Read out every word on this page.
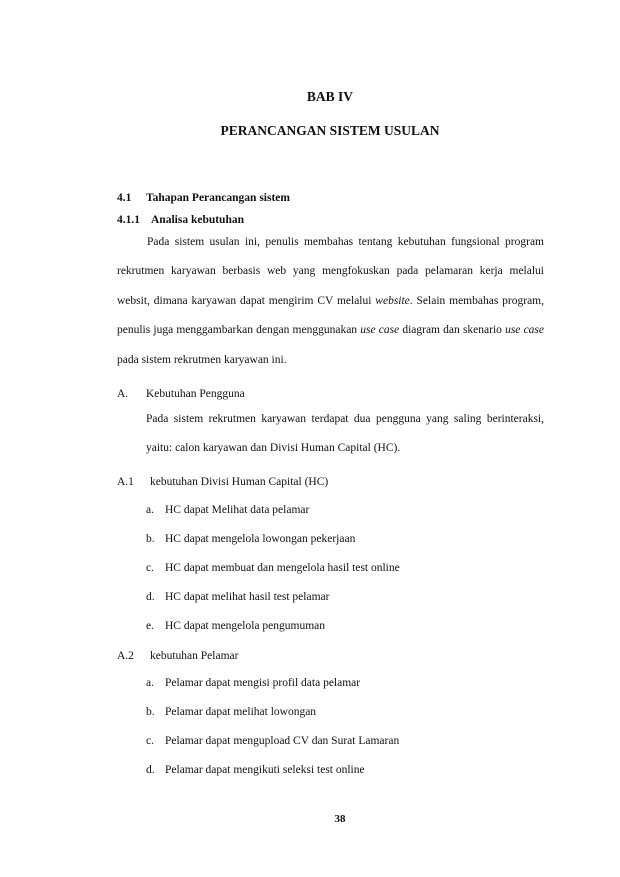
BAB IV
PERANCANGAN SISTEM USULAN
4.1 Tahapan Perancangan sistem
4.1.1 Analisa kebutuhan

Pada sistem usulan ini, penulis membahas tentang kebutuhan fungsional program rekrutmen karyawan berbasis web yang mengfokuskan pada pelamaran kerja melalui websit, dimana karyawan dapat mengirim CV melalui website. Selain membahas program, penulis juga menggambarkan dengan menggunakan use case diagram dan skenario use case pada sistem rekrutmen karyawan ini.

A. Kebutuhan Pengguna

Pada sistem rekrutmen karyawan terdapat dua pengguna yang saling berinteraksi, yaitu: calon karyawan dan Divisi Human Capital (HC).

A.1 kebutuhan Divisi Human Capital (HC)
a. HC dapat Melihat data pelamar
b. HC dapat mengelola lowongan pekerjaan
c. HC dapat membuat dan mengelola hasil test online
d. HC dapat melihat hasil test pelamar
e. HC dapat mengelola pengumuman
A.2 kebutuhan Pelamar
a. Pelamar dapat mengisi profil data pelamar
b. Pelamar dapat melihat lowongan
c. Pelamar dapat mengupload CV dan Surat Lamaran
d. Pelamar dapat mengikuti seleksi test online
38
